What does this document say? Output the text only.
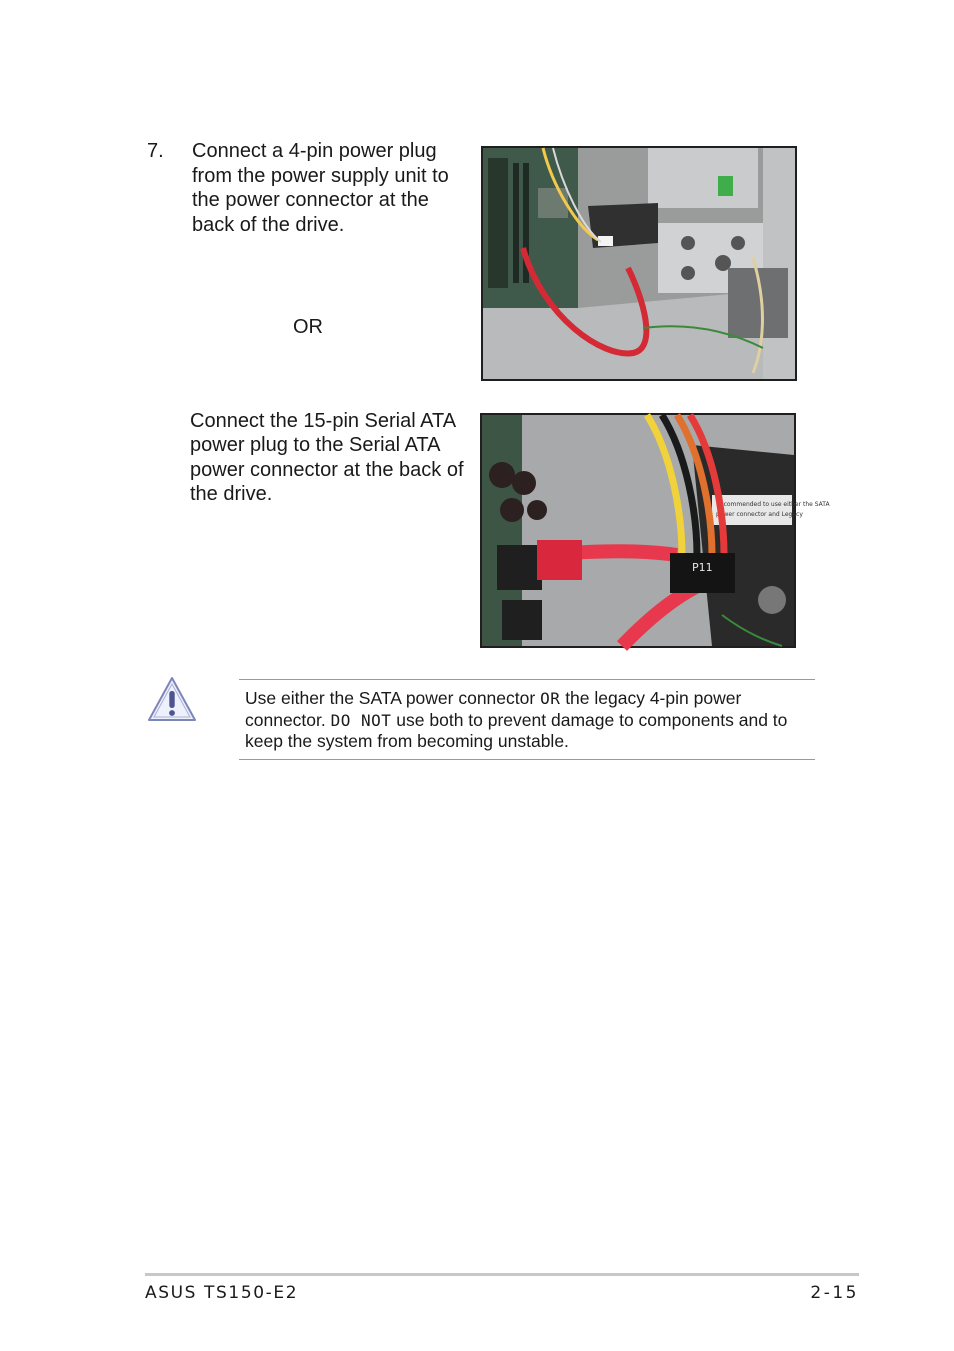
7. Connect a 4-pin power plug from the power supply unit to the power connector at the back of the drive.
OR
Connect the 15-pin Serial ATA power plug to the Serial ATA power connector at the back of the drive.	Recommended to use either the SATA
power connector and Legacy
P11

Use either the SATA power connector OR the legacy 4-pin power connector. DO NOT use both to prevent damage to components and to keep the system from becoming unstable.

ASUS TS150-E2	2-15
